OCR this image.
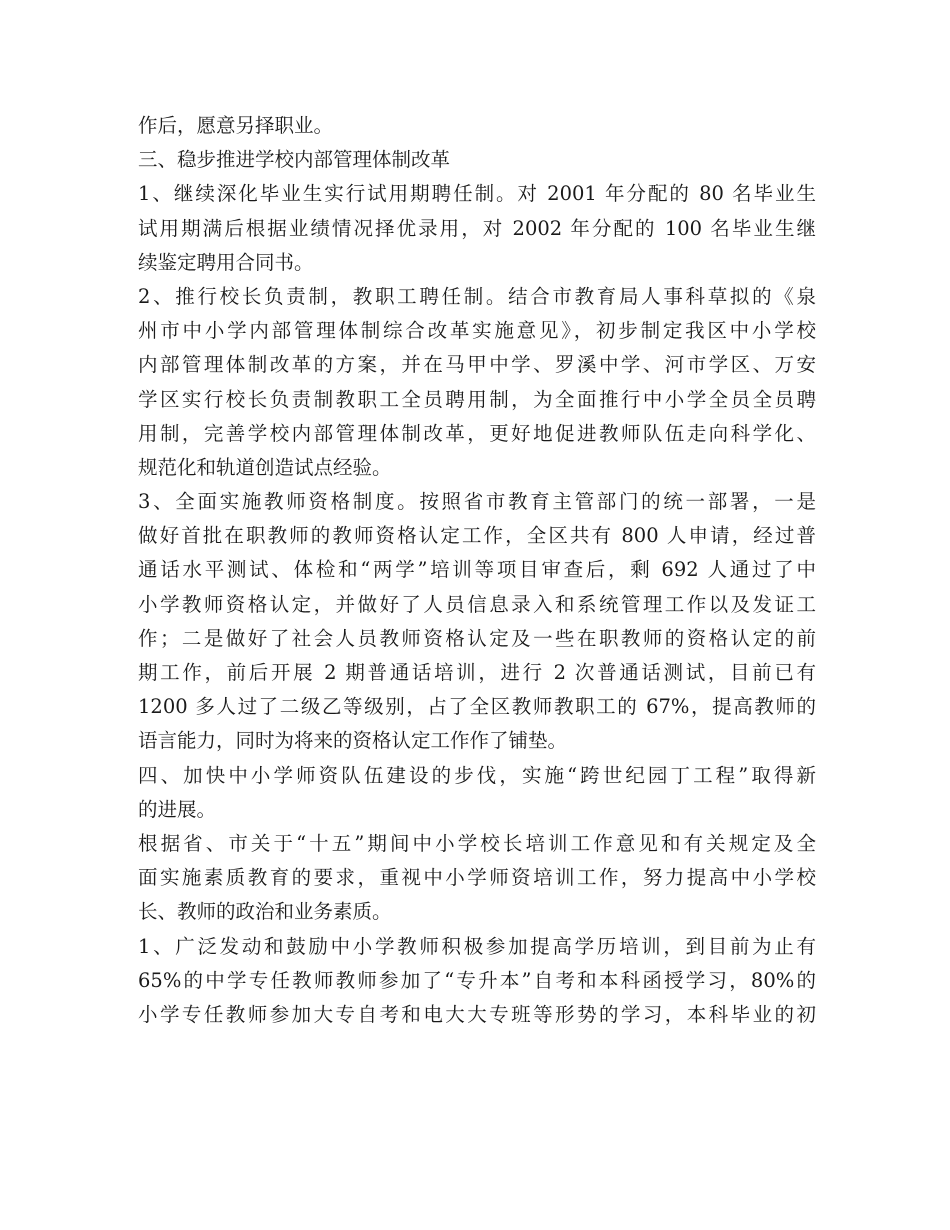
作后，愿意另择职业。
三、稳步推进学校内部管理体制改革
1、继续深化毕业生实行试用期聘任制。对 2001 年分配的 80 名毕业生
试用期满后根据业绩情况择优录用，对 2002 年分配的 100 名毕业生继
续鉴定聘用合同书。
2、推行校长负责制，教职工聘任制。结合市教育局人事科草拟的《泉
州市中小学内部管理体制综合改革实施意见》，初步制定我区中小学校
内部管理体制改革的方案，并在马甲中学、罗溪中学、河市学区、万安
学区实行校长负责制教职工全员聘用制，为全面推行中小学全员全员聘
用制，完善学校内部管理体制改革，更好地促进教师队伍走向科学化、
规范化和轨道创造试点经验。
3、全面实施教师资格制度。按照省市教育主管部门的统一部署，一是
做好首批在职教师的教师资格认定工作，全区共有 800 人申请，经过普
通话水平测试、体检和“两学”培训等项目审查后，剩 692 人通过了中
小学教师资格认定，并做好了人员信息录入和系统管理工作以及发证工
作；二是做好了社会人员教师资格认定及一些在职教师的资格认定的前
期工作，前后开展 2 期普通话培训，进行 2 次普通话测试，目前已有
1200 多人过了二级乙等级别，占了全区教师教职工的 67%，提高教师的
语言能力，同时为将来的资格认定工作作了铺垫。
四、加快中小学师资队伍建设的步伐，实施“跨世纪园丁工程”取得新
的进展。
根据省、市关于“十五”期间中小学校长培训工作意见和有关规定及全
面实施素质教育的要求，重视中小学师资培训工作，努力提高中小学校
长、教师的政治和业务素质。
1、广泛发动和鼓励中小学教师积极参加提高学历培训，到目前为止有
65%的中学专任教师教师参加了“专升本”自考和本科函授学习，80%的
小学专任教师参加大专自考和电大大专班等形势的学习，本科毕业的初
